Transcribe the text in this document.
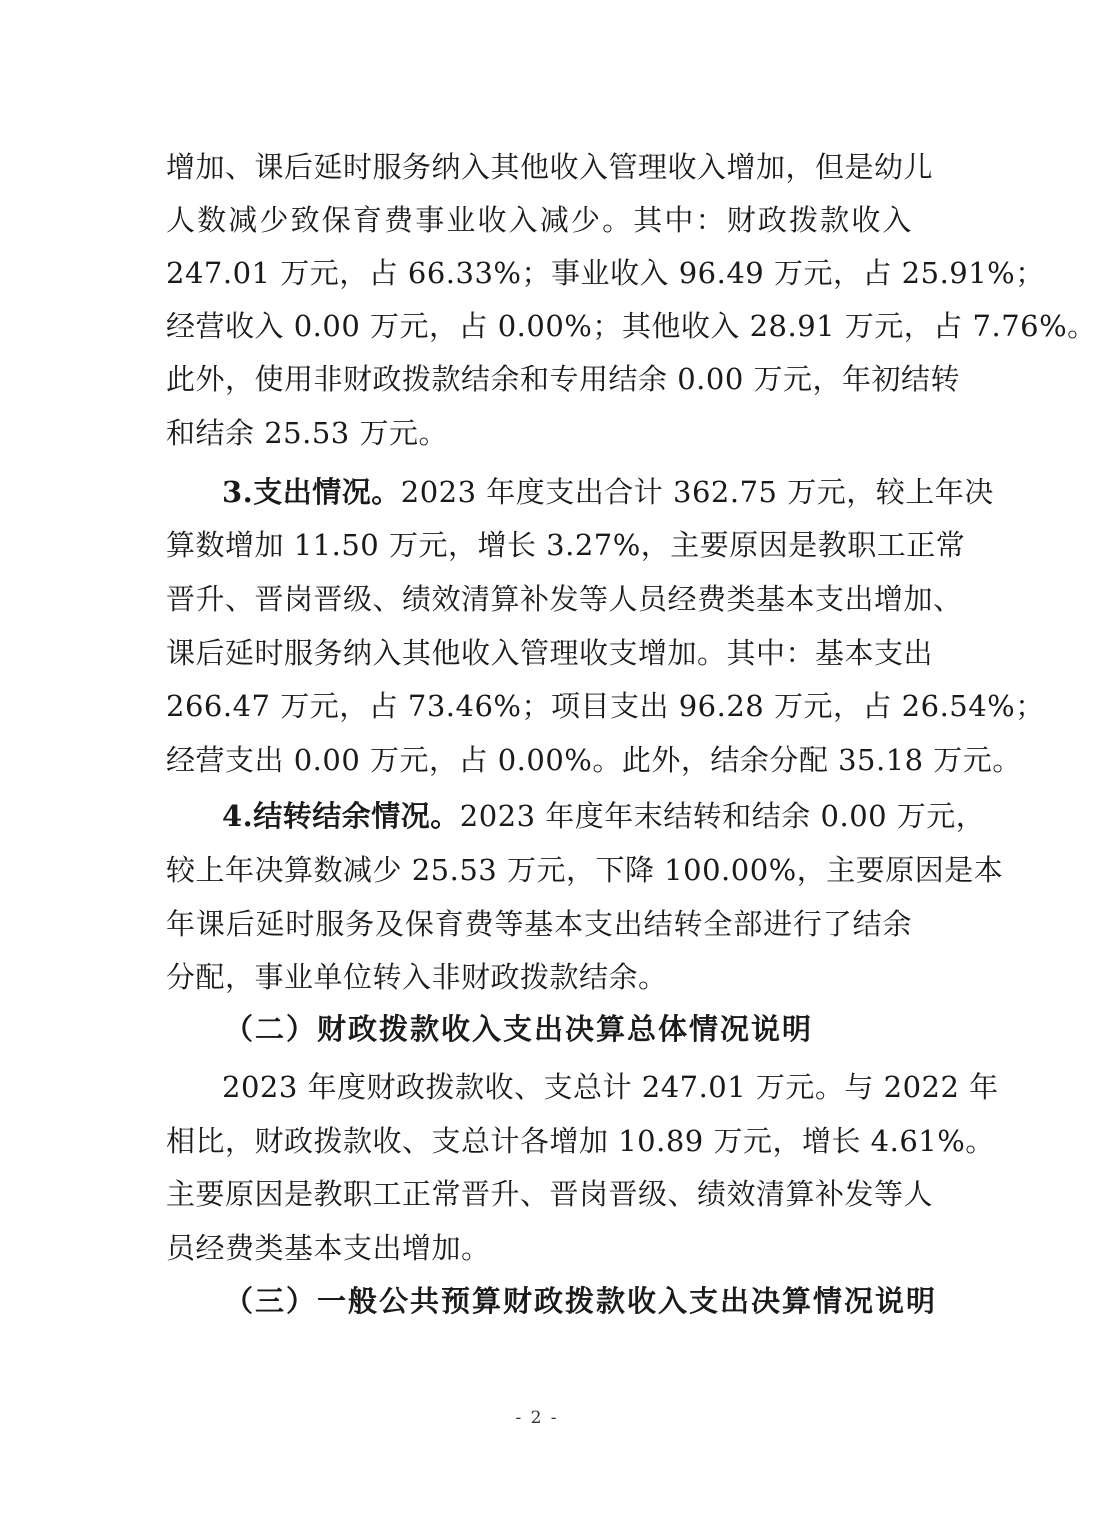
增加、课后延时服务纳入其他收入管理收入增加，但是幼儿
人数减少致保育费事业收入减少。其中：财政拨款收入
247.01 万元，占 66.33%；事业收入 96.49 万元，占 25.91%；
经营收入 0.00 万元，占 0.00%；其他收入 28.91 万元，占 7.76%。
此外，使用非财政拨款结余和专用结余 0.00 万元，年初结转
和结余 25.53 万元。
3.支出情况。2023 年度支出合计 362.75 万元，较上年决
算数增加 11.50 万元，增长 3.27%，主要原因是教职工正常
晋升、晋岗晋级、绩效清算补发等人员经费类基本支出增加、
课后延时服务纳入其他收入管理收支增加。其中：基本支出
266.47 万元，占 73.46%；项目支出 96.28 万元，占 26.54%；
经营支出 0.00 万元，占 0.00%。此外，结余分配 35.18 万元。
4.结转结余情况。2023 年度年末结转和结余 0.00 万元，
较上年决算数减少 25.53 万元，下降 100.00%，主要原因是本
年课后延时服务及保育费等基本支出结转全部进行了结余
分配，事业单位转入非财政拨款结余。
（二）财政拨款收入支出决算总体情况说明
2023 年度财政拨款收、支总计 247.01 万元。与 2022 年
相比，财政拨款收、支总计各增加 10.89 万元，增长 4.61%。
主要原因是教职工正常晋升、晋岗晋级、绩效清算补发等人
员经费类基本支出增加。
（三）一般公共预算财政拨款收入支出决算情况说明
- 2 -
